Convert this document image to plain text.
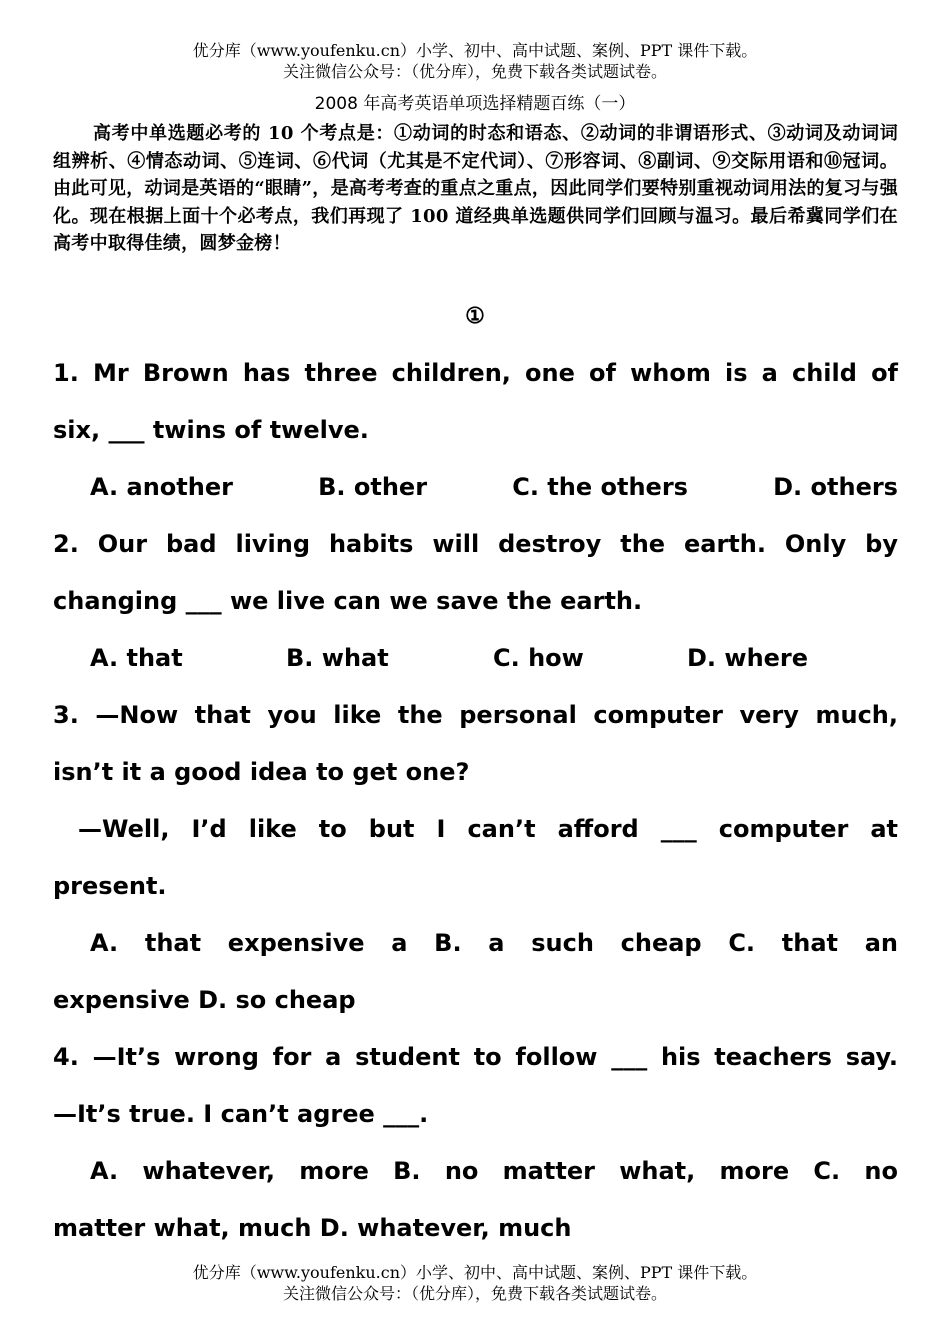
优分库（www.youfenku.cn）小学、初中、高中试题、案例、PPT 课件下载。
关注微信公众号：（优分库），免费下载各类试题试卷。
2008 年高考英语单项选择精题百练（一）
高考中单选题必考的 10 个考点是：①动词的时态和语态、②动词的非谓语形式、③动词及动词词组辨析、④情态动词、⑤连词、⑥代词（尤其是不定代词）、⑦形容词、⑧副词、⑨交际用语和⑩冠词。由此可见，动词是英语的“眼睛”，是高考考查的重点之重点，因此同学们要特别重视动词用法的复习与强化。现在根据上面十个必考点，我们再现了 100 道经典单选题供同学们回顾与温习。最后希冀同学们在高考中取得佳绩，圆梦金榜！
①
1. Mr Brown has three children, one of whom is a child of
six, ___ twins of twelve.
A. another	B. other	C. the others	D. others
2. Our bad living habits will destroy the earth. Only by
changing ___ we live can we save the earth.
A. that	B. what	C. how	D. where
3. —Now that you like the personal computer very much,
isn’t it a good idea to get one?
—Well, I’d like to but I can’t afford ___ computer at
present.
A. that expensive a B. a such cheap C. that an
expensive D. so cheap
4. —It’s wrong for a student to follow ___ his teachers say.
—It’s true. I can’t agree ___.
A. whatever, more B. no matter what, more C. no
matter what, much D. whatever, much
优分库（www.youfenku.cn）小学、初中、高中试题、案例、PPT 课件下载。
关注微信公众号：（优分库），免费下载各类试题试卷。
